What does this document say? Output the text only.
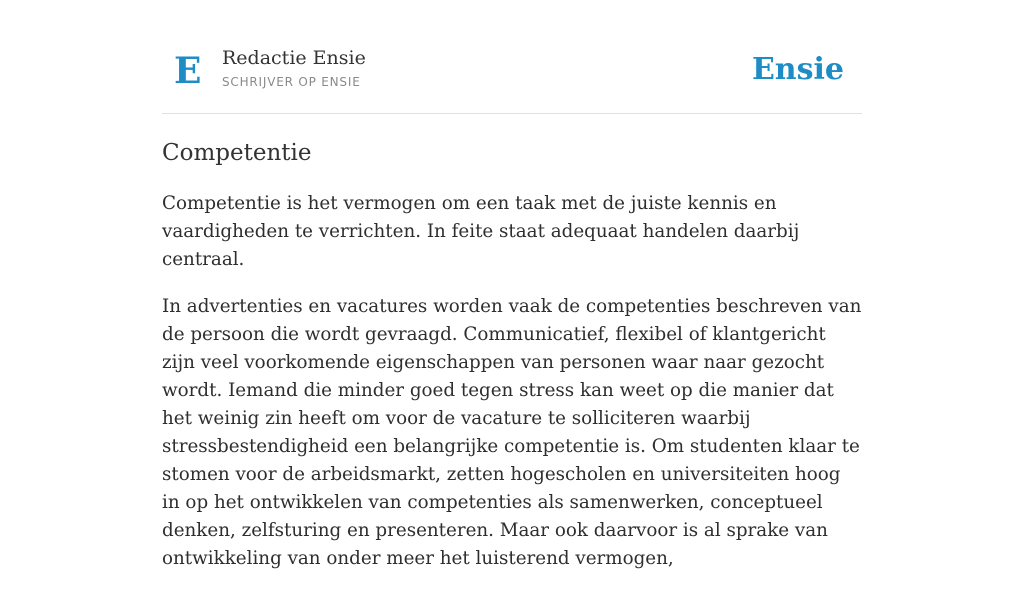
E Redactie Ensie
SCHRIJVER OP ENSIE	Ensie
Competentie

Competentie is het vermogen om een taak met de juiste kennis en vaardigheden te verrichten. In feite staat adequaat handelen daarbij centraal.

In advertenties en vacatures worden vaak de competenties beschreven van de persoon die wordt gevraagd. Communicatief, flexibel of klantgericht zijn veel voorkomende eigenschappen van personen waar naar gezocht wordt. Iemand die minder goed tegen stress kan weet op die manier dat het weinig zin heeft om voor de vacature te solliciteren waarbij stressbestendigheid een belangrijke competentie is. Om studenten klaar te stomen voor de arbeidsmarkt, zetten hogescholen en universiteiten hoog in op het ontwikkelen van competenties als samenwerken, conceptueel denken, zelfsturing en presenteren. Maar ook daarvoor is al sprake van ontwikkeling van onder meer het luisterend vermogen,
